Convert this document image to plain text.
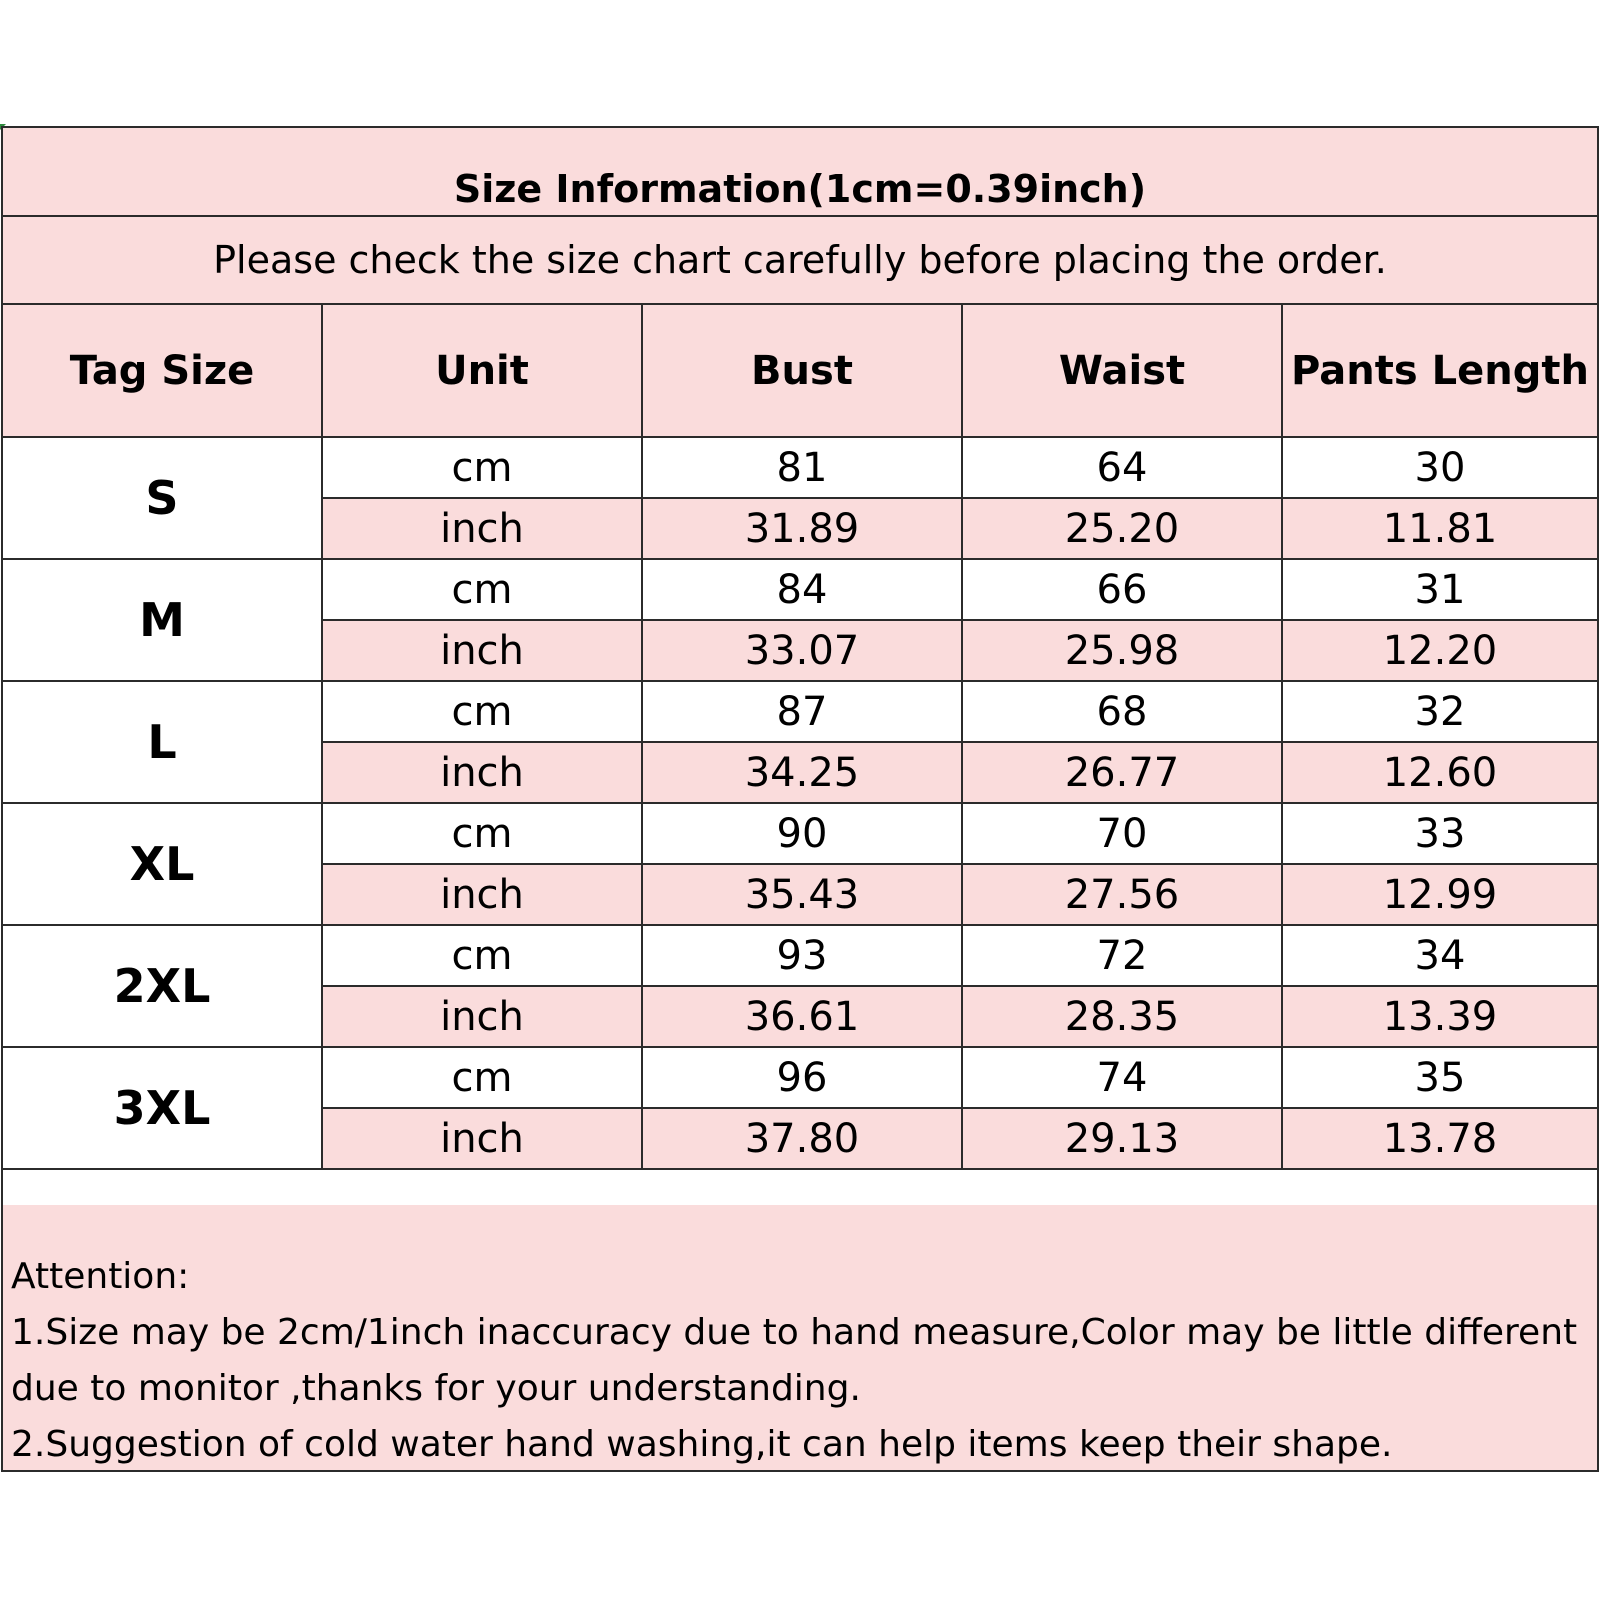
Size Information(1cm=0.39inch)
Please check the size chart carefully before placing the order.
Tag Size	Unit	Bust	Waist	Pants Length
S	cm	81	64	30
	inch	31.89	25.20	11.81
M	cm	84	66	31
	inch	33.07	25.98	12.20
L	cm	87	68	32
	inch	34.25	26.77	12.60
XL	cm	90	70	33
	inch	35.43	27.56	12.99
2XL	cm	93	72	34
	inch	36.61	28.35	13.39
3XL	cm	96	74	35
	inch	37.80	29.13	13.78

Attention:

1.Size may be 2cm/1inch inaccuracy due to hand measure,Color may be little different due to monitor ,thanks for your understanding.

2.Suggestion of cold water hand washing,it can help items keep their shape.
